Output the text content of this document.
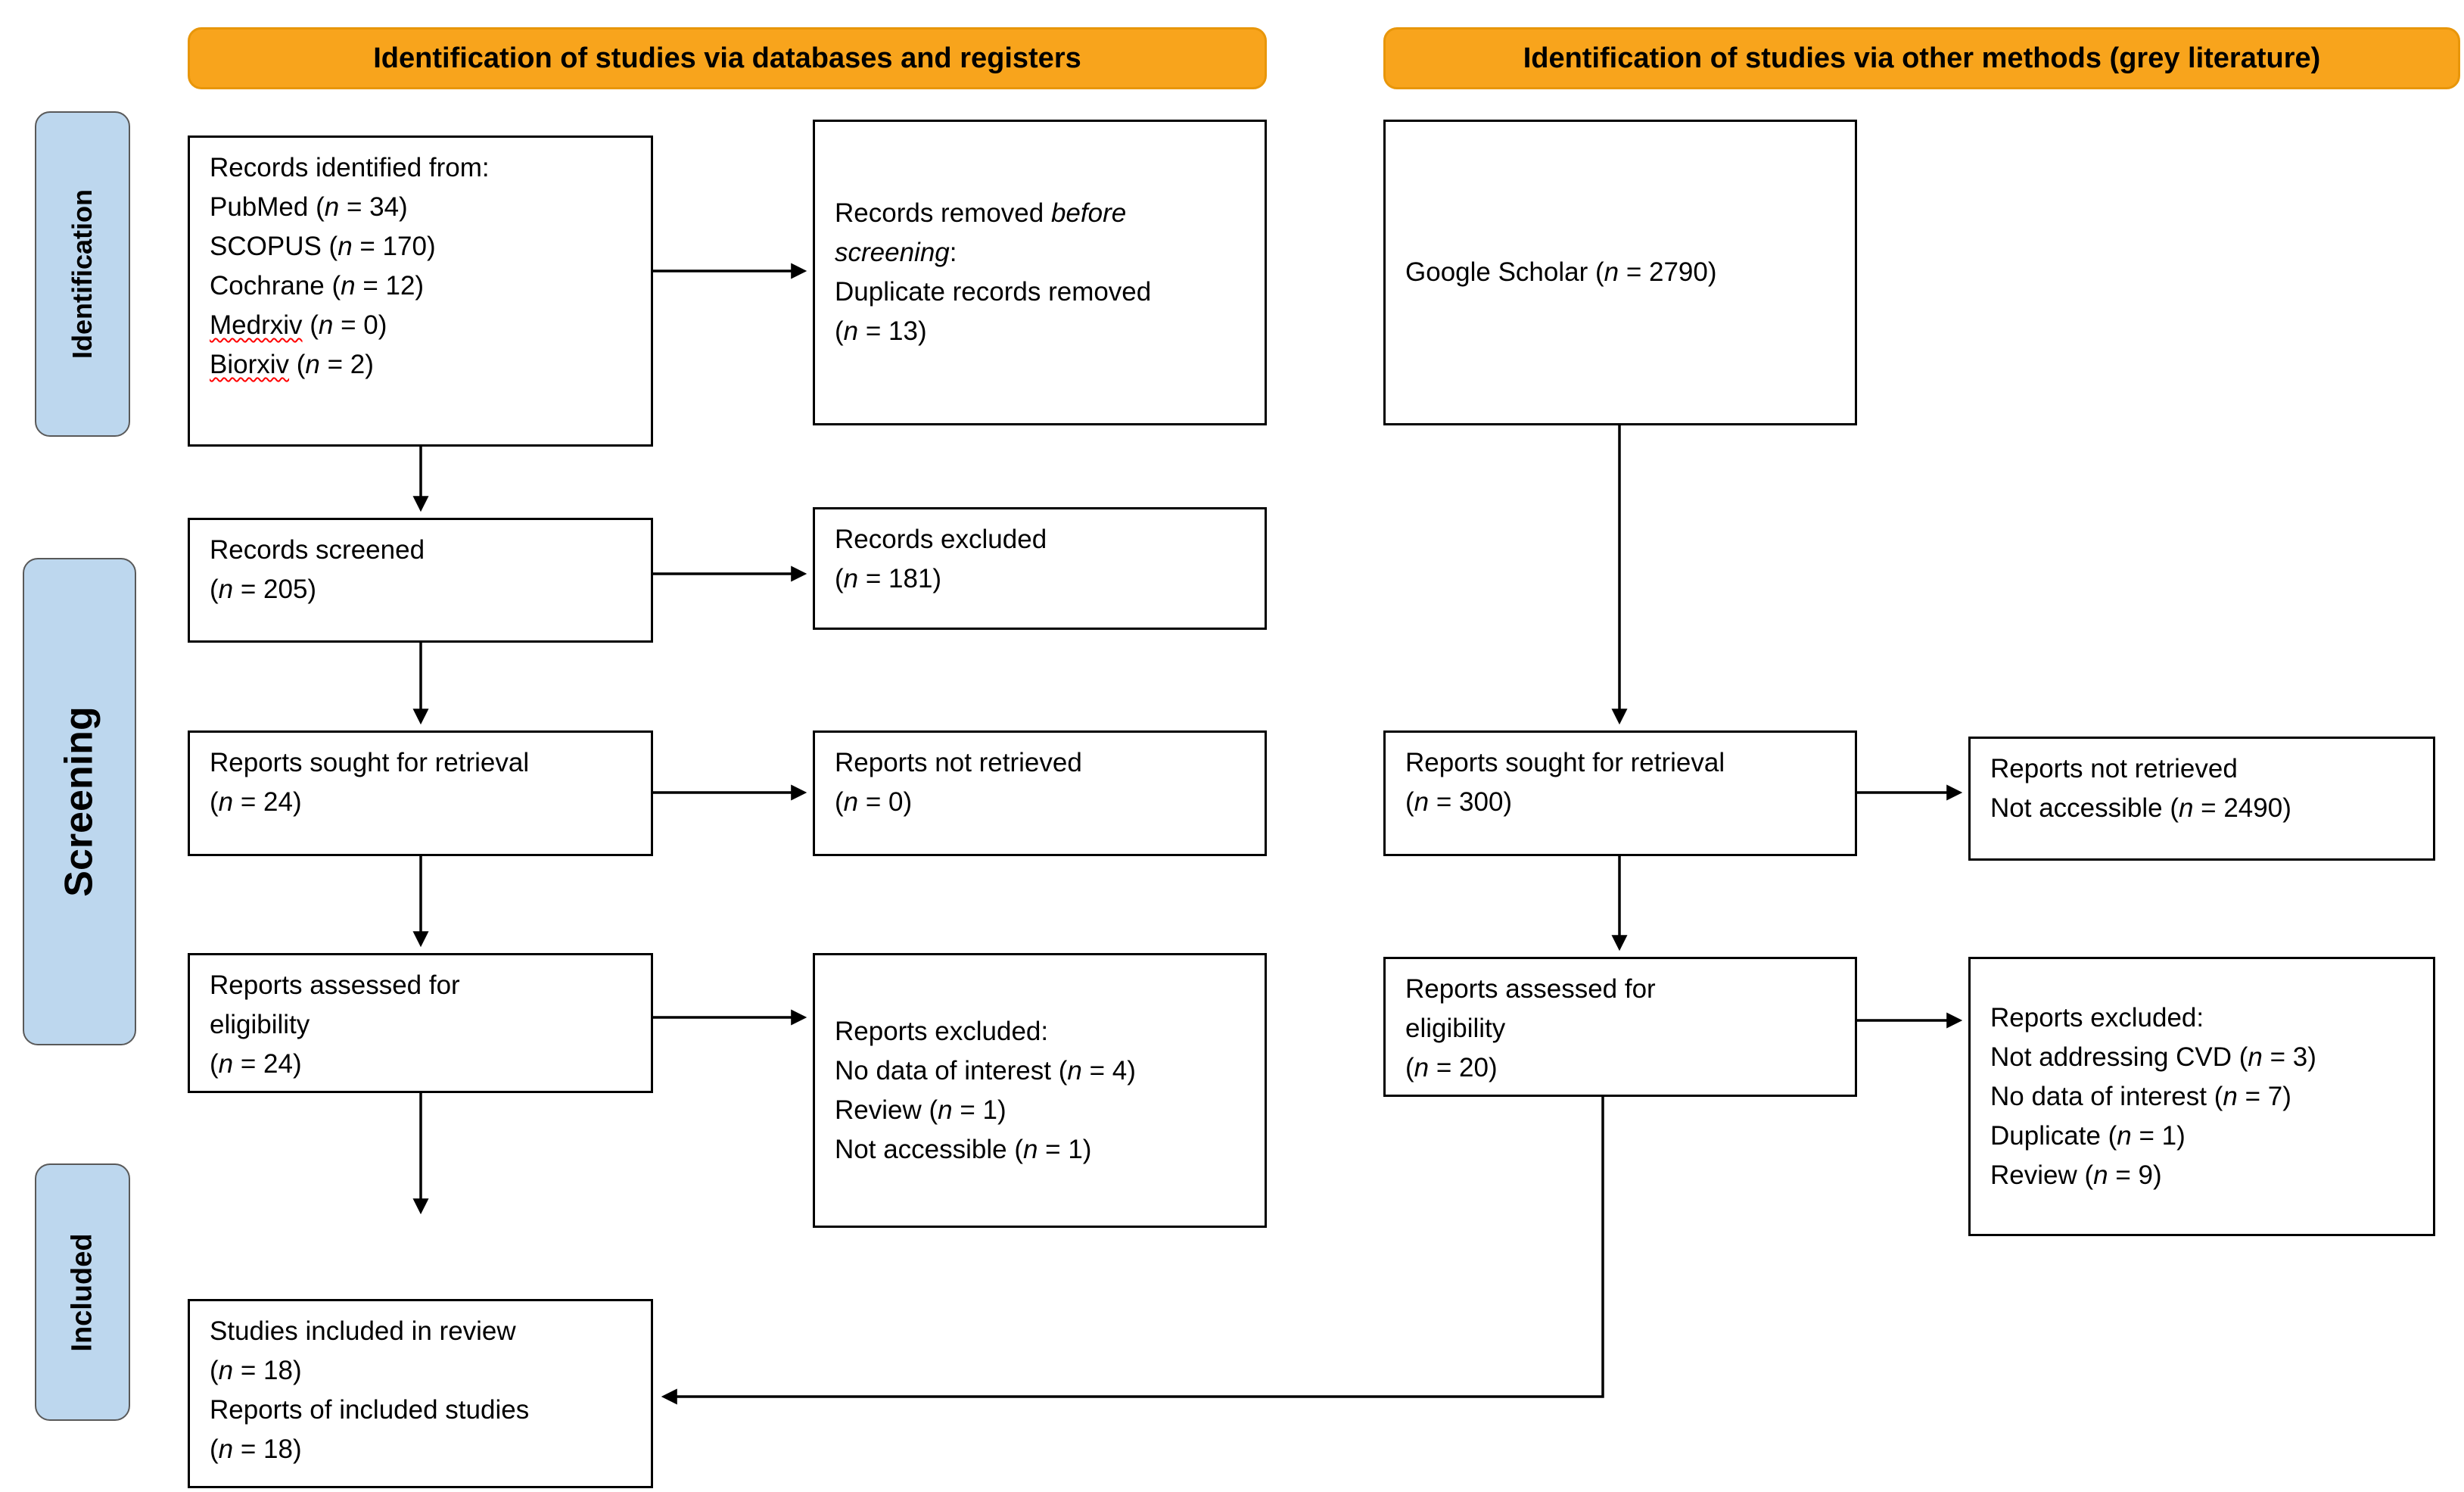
Identification of studies via databases and registers	Identification of studies via other methods (grey literature)
Identification
Screening
Included
Records identified from:
PubMed (n = 34)
SCOPUS (n = 170)
Cochrane (n = 12)
Medrxiv (n = 0)
Biorxiv (n = 2)
Records screened
(n = 205)
Reports sought for retrieval
(n = 24)
Reports assessed for
eligibility
(n = 24)
Studies included in review
(n = 18)
Reports of included studies
(n = 18)
Records removed before
screening:
Duplicate records removed
(n = 13)
Records excluded
(n = 181)
Reports not retrieved
(n = 0)
Reports excluded:
No data of interest (n = 4)
Review (n = 1)
Not accessible (n = 1)
Google Scholar (n = 2790)
Reports sought for retrieval
(n = 300)
Reports assessed for
eligibility
(n = 20)
Reports not retrieved
Not accessible (n = 2490)
Reports excluded:
Not addressing CVD (n = 3)
No data of interest (n = 7)
Duplicate (n = 1)
Review (n = 9)
